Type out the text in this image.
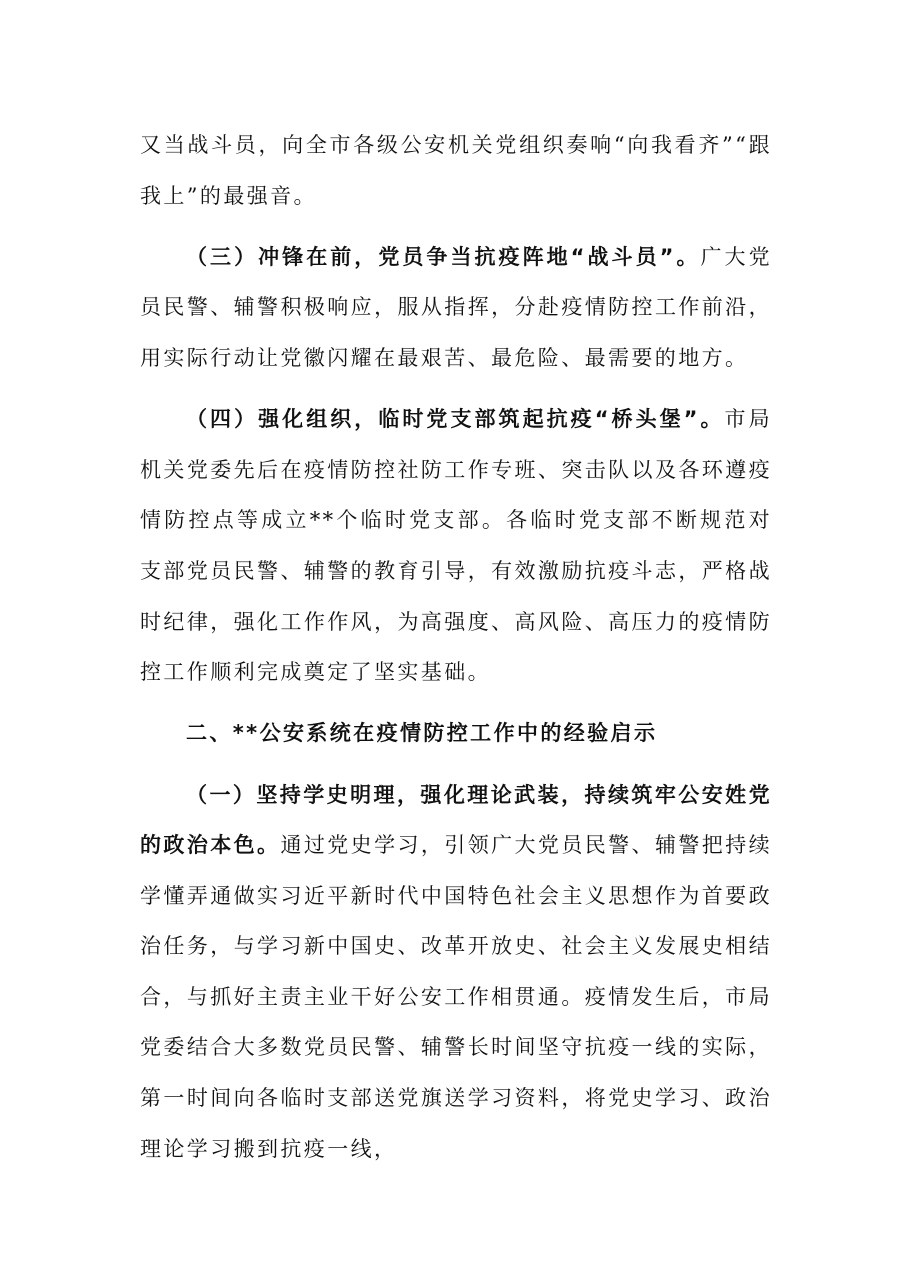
又当战斗员，向全市各级公安机关党组织奏响“向我看齐”“跟我上”的最强音。

（三）冲锋在前，党员争当抗疫阵地“战斗员”。广大党员民警、辅警积极响应，服从指挥，分赴疫情防控工作前沿，用实际行动让党徽闪耀在最艰苦、最危险、最需要的地方。

（四）强化组织，临时党支部筑起抗疫“桥头堡”。市局机关党委先后在疫情防控社防工作专班、突击队以及各环遵疫情防控点等成立**个临时党支部。各临时党支部不断规范对支部党员民警、辅警的教育引导，有效激励抗疫斗志，严格战时纪律，强化工作作风，为高强度、高风险、高压力的疫情防控工作顺利完成奠定了坚实基础。

二、**公安系统在疫情防控工作中的经验启示

（一）坚持学史明理，强化理论武装，持续筑牢公安姓党的政治本色。通过党史学习，引领广大党员民警、辅警把持续学懂弄通做实习近平新时代中国特色社会主义思想作为首要政治任务，与学习新中国史、改革开放史、社会主义发展史相结合，与抓好主责主业干好公安工作相贯通。疫情发生后，市局党委结合大多数党员民警、辅警长时间坚守抗疫一线的实际，第一时间向各临时支部送党旗送学习资料，将党史学习、政治理论学习搬到抗疫一线，
